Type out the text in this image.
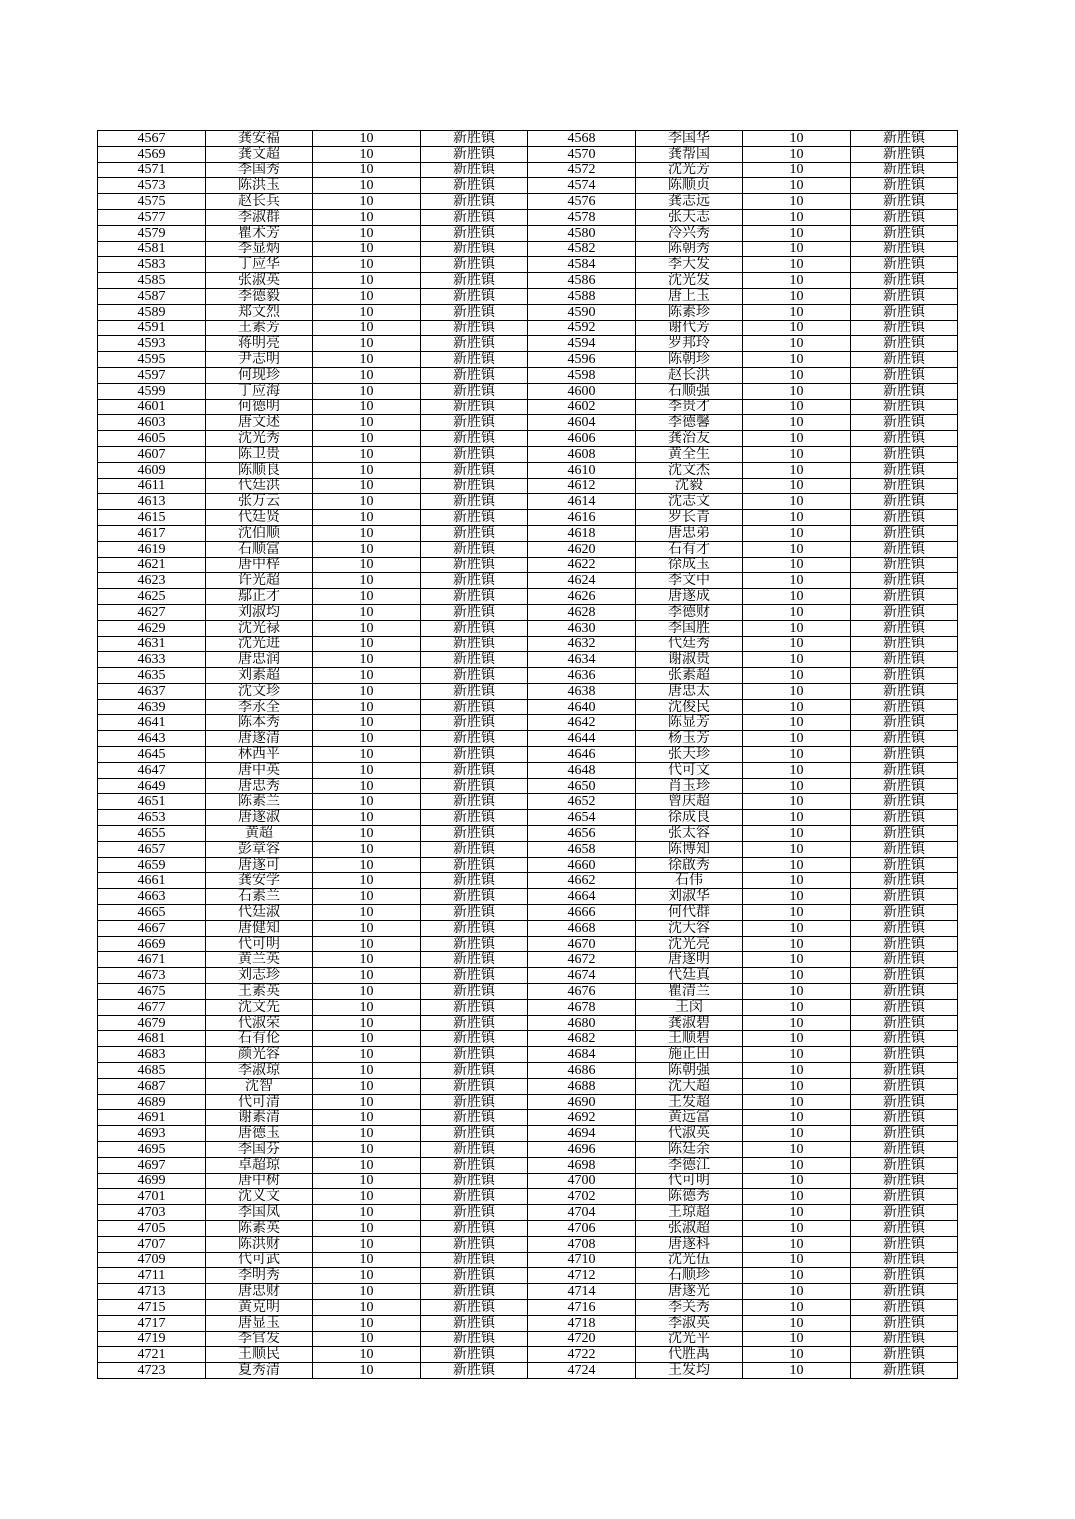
4567	龚安福	10	新胜镇	4568	李国华	10	新胜镇
4569	龚文超	10	新胜镇	4570	龚帮国	10	新胜镇
4571	李国秀	10	新胜镇	4572	沈光芳	10	新胜镇
4573	陈洪玉	10	新胜镇	4574	陈顺贞	10	新胜镇
4575	赵长兵	10	新胜镇	4576	龚志远	10	新胜镇
4577	李淑群	10	新胜镇	4578	张天志	10	新胜镇
4579	瞿术芳	10	新胜镇	4580	冷兴秀	10	新胜镇
4581	李显炳	10	新胜镇	4582	陈朝秀	10	新胜镇
4583	丁应华	10	新胜镇	4584	李大发	10	新胜镇
4585	张淑英	10	新胜镇	4586	沈光发	10	新胜镇
4587	李德毅	10	新胜镇	4588	唐上玉	10	新胜镇
4589	郑文烈	10	新胜镇	4590	陈素珍	10	新胜镇
4591	王素芳	10	新胜镇	4592	谢代芳	10	新胜镇
4593	蒋明亮	10	新胜镇	4594	罗邦玲	10	新胜镇
4595	尹志明	10	新胜镇	4596	陈朝珍	10	新胜镇
4597	何现珍	10	新胜镇	4598	赵长洪	10	新胜镇
4599	丁应海	10	新胜镇	4600	石顺强	10	新胜镇
4601	何德明	10	新胜镇	4602	李贵才	10	新胜镇
4603	唐文述	10	新胜镇	4604	李德馨	10	新胜镇
4605	沈光秀	10	新胜镇	4606	龚治友	10	新胜镇
4607	陈卫贵	10	新胜镇	4608	黄全生	10	新胜镇
4609	陈顺良	10	新胜镇	4610	沈文杰	10	新胜镇
4611	代廷洪	10	新胜镇	4612	沈毅	10	新胜镇
4613	张万云	10	新胜镇	4614	沈志文	10	新胜镇
4615	代廷贤	10	新胜镇	4616	罗长青	10	新胜镇
4617	沈伯顺	10	新胜镇	4618	唐忠弟	10	新胜镇
4619	石顺富	10	新胜镇	4620	石有才	10	新胜镇
4621	唐中梓	10	新胜镇	4622	徐成玉	10	新胜镇
4623	许光超	10	新胜镇	4624	李文中	10	新胜镇
4625	鄢正才	10	新胜镇	4626	唐遂成	10	新胜镇
4627	刘淑均	10	新胜镇	4628	李德财	10	新胜镇
4629	沈光禄	10	新胜镇	4630	李国胜	10	新胜镇
4631	沈光进	10	新胜镇	4632	代廷秀	10	新胜镇
4633	唐忠润	10	新胜镇	4634	谢淑贵	10	新胜镇
4635	刘素超	10	新胜镇	4636	张素超	10	新胜镇
4637	沈文珍	10	新胜镇	4638	唐忠太	10	新胜镇
4639	李永全	10	新胜镇	4640	沈俊民	10	新胜镇
4641	陈本秀	10	新胜镇	4642	陈显芳	10	新胜镇
4643	唐遂清	10	新胜镇	4644	杨玉芳	10	新胜镇
4645	林西平	10	新胜镇	4646	张天珍	10	新胜镇
4647	唐中英	10	新胜镇	4648	代可文	10	新胜镇
4649	唐忠秀	10	新胜镇	4650	肖玉珍	10	新胜镇
4651	陈素兰	10	新胜镇	4652	曾庆超	10	新胜镇
4653	唐遂淑	10	新胜镇	4654	徐成良	10	新胜镇
4655	黄超	10	新胜镇	4656	张太容	10	新胜镇
4657	彭章容	10	新胜镇	4658	陈博知	10	新胜镇
4659	唐遂可	10	新胜镇	4660	徐啟秀	10	新胜镇
4661	龚安学	10	新胜镇	4662	石伟	10	新胜镇
4663	石素兰	10	新胜镇	4664	刘淑华	10	新胜镇
4665	代廷淑	10	新胜镇	4666	何代群	10	新胜镇
4667	唐健知	10	新胜镇	4668	沈大容	10	新胜镇
4669	代可明	10	新胜镇	4670	沈光亮	10	新胜镇
4671	黄兰英	10	新胜镇	4672	唐遂明	10	新胜镇
4673	刘志珍	10	新胜镇	4674	代廷真	10	新胜镇
4675	王素英	10	新胜镇	4676	瞿清兰	10	新胜镇
4677	沈文先	10	新胜镇	4678	王闵	10	新胜镇
4679	代淑荣	10	新胜镇	4680	龚淑碧	10	新胜镇
4681	石有伦	10	新胜镇	4682	王顺碧	10	新胜镇
4683	颜光容	10	新胜镇	4684	施正田	10	新胜镇
4685	李淑琼	10	新胜镇	4686	陈朝强	10	新胜镇
4687	沈智	10	新胜镇	4688	沈大超	10	新胜镇
4689	代可清	10	新胜镇	4690	王发超	10	新胜镇
4691	谢素清	10	新胜镇	4692	黄远富	10	新胜镇
4693	唐德玉	10	新胜镇	4694	代淑英	10	新胜镇
4695	李国芬	10	新胜镇	4696	陈廷余	10	新胜镇
4697	卓超琼	10	新胜镇	4698	李德江	10	新胜镇
4699	唐中树	10	新胜镇	4700	代可明	10	新胜镇
4701	沈义文	10	新胜镇	4702	陈德秀	10	新胜镇
4703	李国凤	10	新胜镇	4704	王琼超	10	新胜镇
4705	陈素英	10	新胜镇	4706	张淑超	10	新胜镇
4707	陈洪财	10	新胜镇	4708	唐遂科	10	新胜镇
4709	代可武	10	新胜镇	4710	沈光伍	10	新胜镇
4711	李明秀	10	新胜镇	4712	石顺珍	10	新胜镇
4713	唐忠财	10	新胜镇	4714	唐遂光	10	新胜镇
4715	黄克明	10	新胜镇	4716	李关秀	10	新胜镇
4717	唐显玉	10	新胜镇	4718	李淑英	10	新胜镇
4719	李官发	10	新胜镇	4720	沈光平	10	新胜镇
4721	王顺民	10	新胜镇	4722	代胜禹	10	新胜镇
4723	夏秀清	10	新胜镇	4724	王发均	10	新胜镇
